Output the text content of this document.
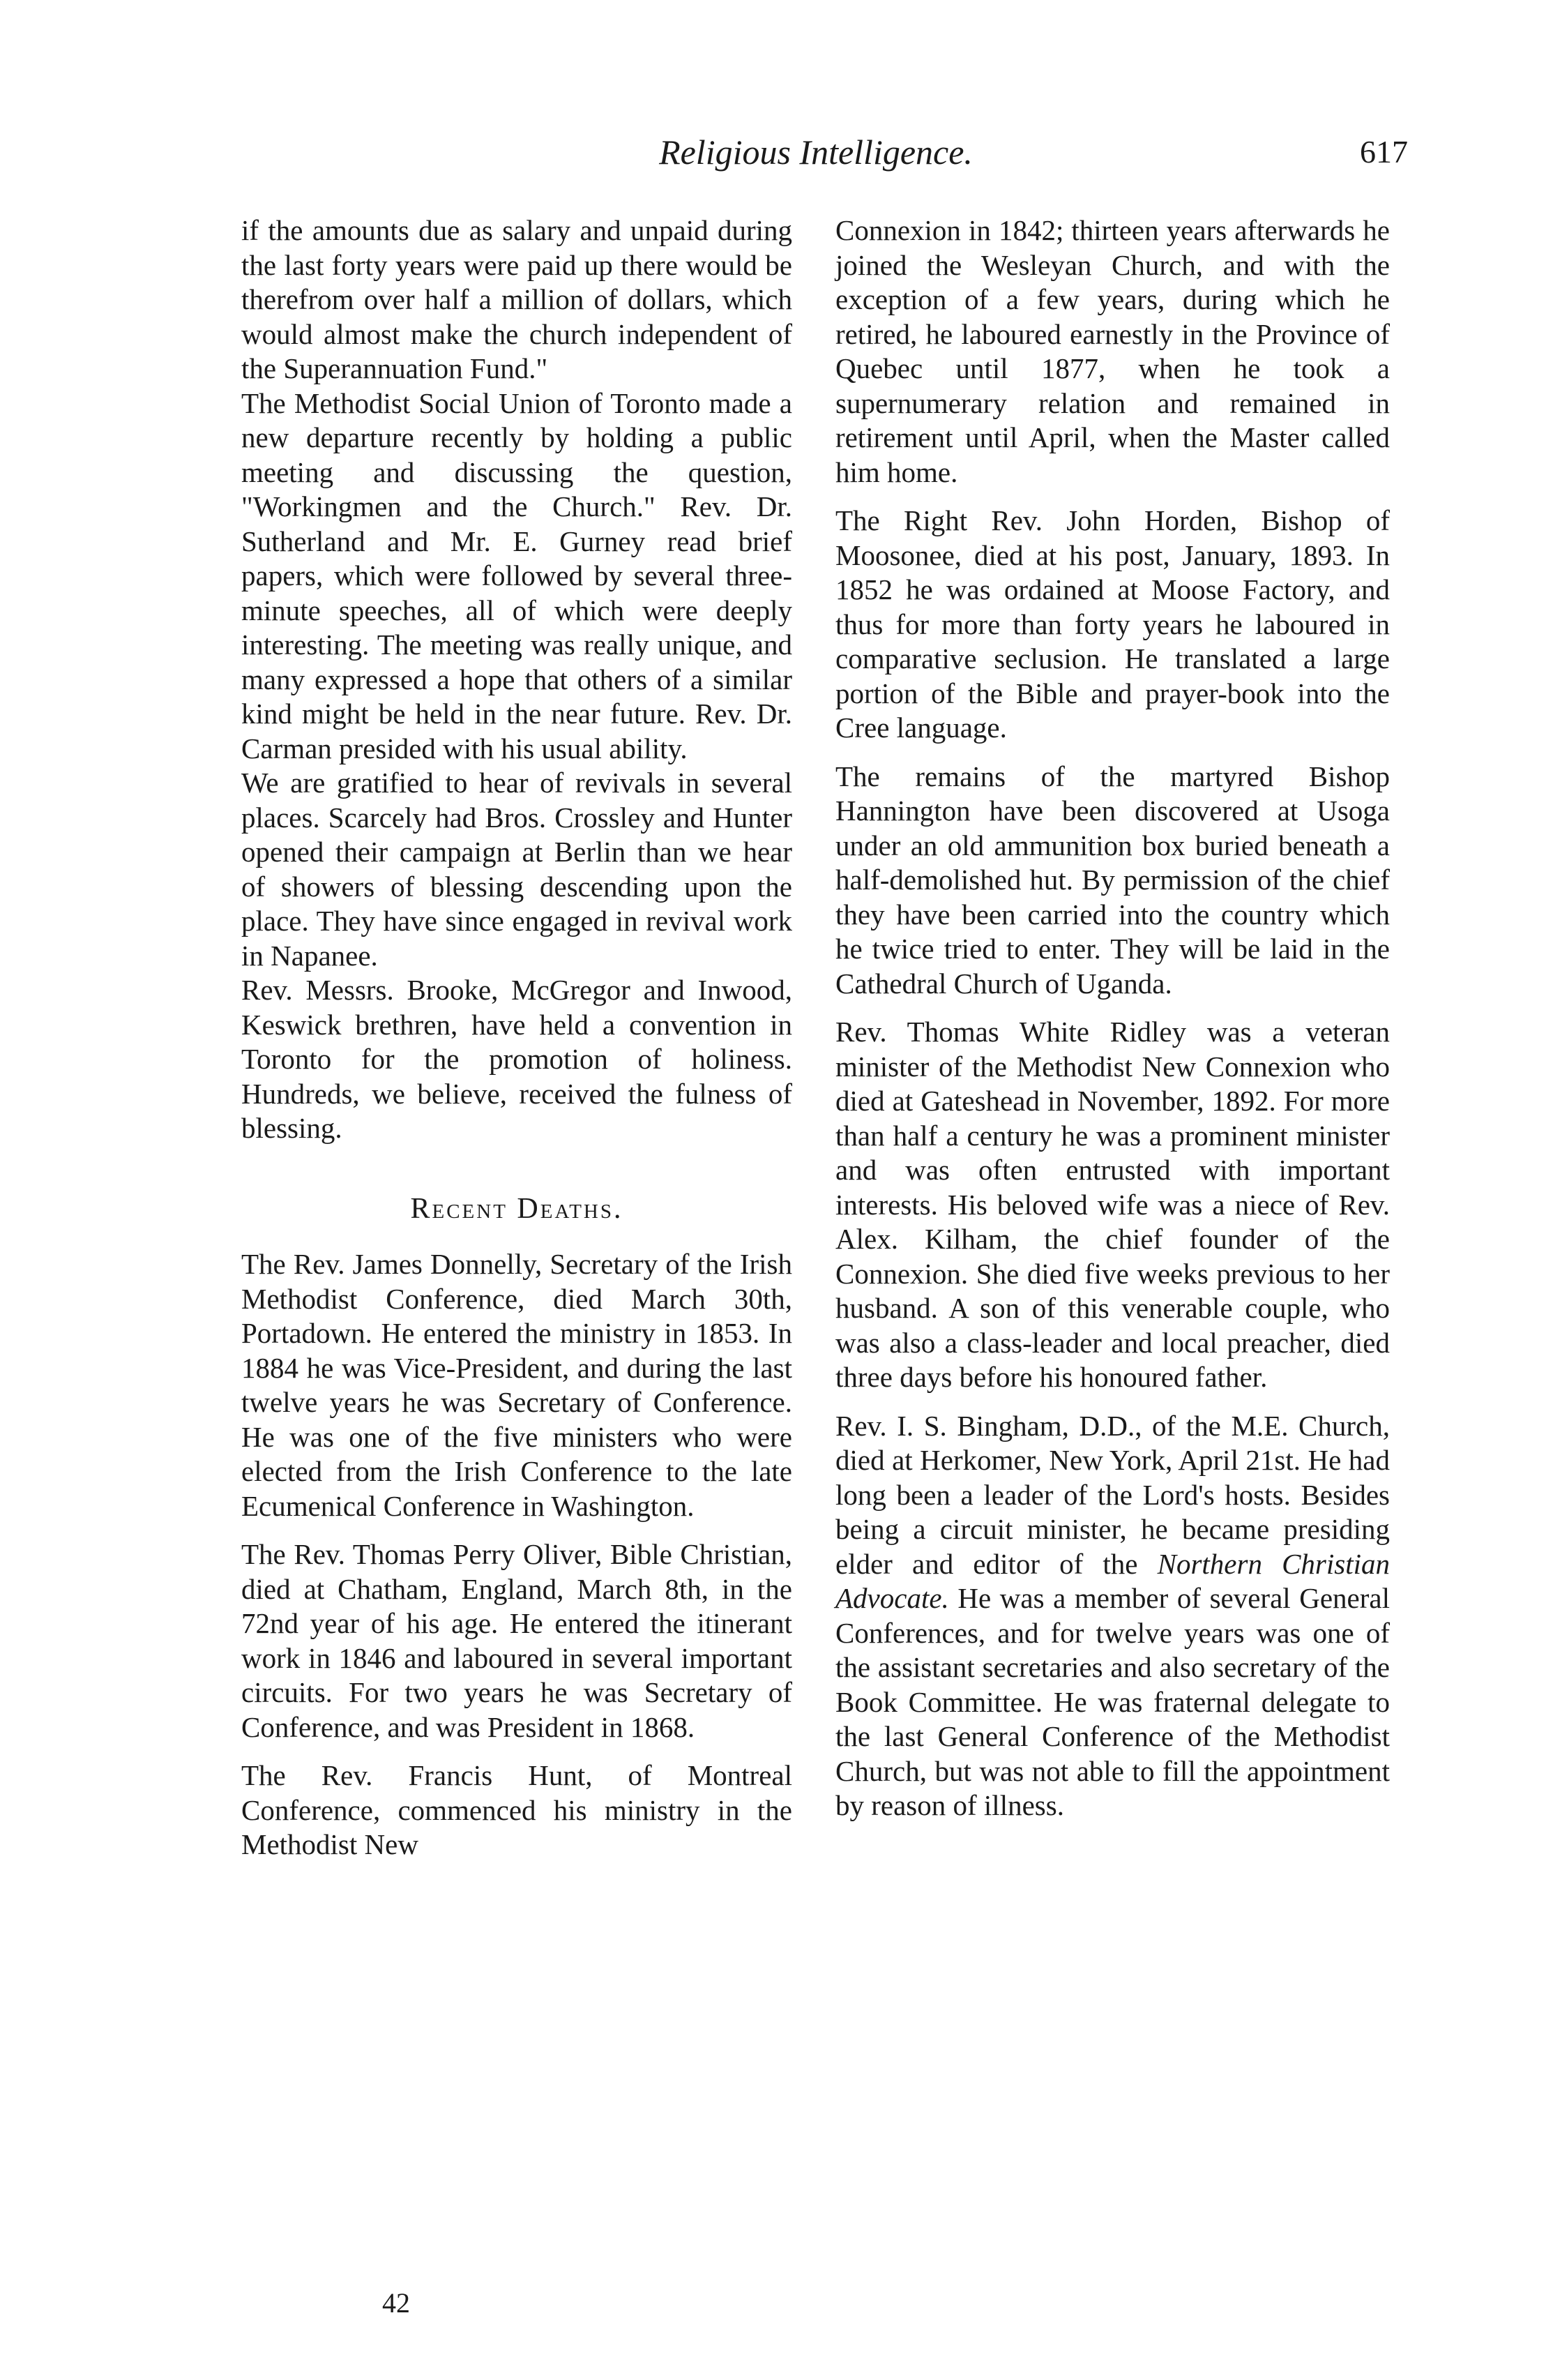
Religious Intelligence.	617

if the amounts due as salary and unpaid during the last forty years were paid up there would be therefrom over half a million of dollars, which would almost make the church independent of the Superannuation Fund."

The Methodist Social Union of Toronto made a new departure recently by holding a public meeting and discussing the question, "Workingmen and the Church." Rev. Dr. Sutherland and Mr. E. Gurney read brief papers, which were followed by several three-minute speeches, all of which were deeply interesting. The meeting was really unique, and many expressed a hope that others of a similar kind might be held in the near future. Rev. Dr. Carman presided with his usual ability.

We are gratified to hear of revivals in several places. Scarcely had Bros. Crossley and Hunter opened their campaign at Berlin than we hear of showers of blessing descending upon the place. They have since engaged in revival work in Napanee.

Rev. Messrs. Brooke, McGregor and Inwood, Keswick brethren, have held a convention in Toronto for the promotion of holiness. Hundreds, we believe, received the fulness of blessing.

Recent Deaths.

The Rev. James Donnelly, Secretary of the Irish Methodist Conference, died March 30th, Portadown. He entered the ministry in 1853. In 1884 he was Vice-President, and during the last twelve years he was Secretary of Conference. He was one of the five ministers who were elected from the Irish Conference to the late Ecumenical Conference in Washington.

The Rev. Thomas Perry Oliver, Bible Christian, died at Chatham, England, March 8th, in the 72nd year of his age. He entered the itinerant work in 1846 and laboured in several important circuits. For two years he was Secretary of Conference, and was President in 1868.

The Rev. Francis Hunt, of Montreal Conference, commenced his ministry in the Methodist New

Connexion in 1842; thirteen years afterwards he joined the Wesleyan Church, and with the exception of a few years, during which he retired, he laboured earnestly in the Province of Quebec until 1877, when he took a supernumerary relation and remained in retirement until April, when the Master called him home.

The Right Rev. John Horden, Bishop of Moosonee, died at his post, January, 1893. In 1852 he was ordained at Moose Factory, and thus for more than forty years he laboured in comparative seclusion. He translated a large portion of the Bible and prayer-book into the Cree language.

The remains of the martyred Bishop Hannington have been discovered at Usoga under an old ammunition box buried beneath a half-demolished hut. By permission of the chief they have been carried into the country which he twice tried to enter. They will be laid in the Cathedral Church of Uganda.

Rev. Thomas White Ridley was a veteran minister of the Methodist New Connexion who died at Gateshead in November, 1892. For more than half a century he was a prominent minister and was often entrusted with important interests. His beloved wife was a niece of Rev. Alex. Kilham, the chief founder of the Connexion. She died five weeks previous to her husband. A son of this venerable couple, who was also a class-leader and local preacher, died three days before his honoured father.

Rev. I. S. Bingham, D.D., of the M.E. Church, died at Herkomer, New York, April 21st. He had long been a leader of the Lord's hosts. Besides being a circuit minister, he became presiding elder and editor of the Northern Christian Advocate. He was a member of several General Conferences, and for twelve years was one of the assistant secretaries and also secretary of the Book Committee. He was fraternal delegate to the last General Conference of the Methodist Church, but was not able to fill the appointment by reason of illness.

42
